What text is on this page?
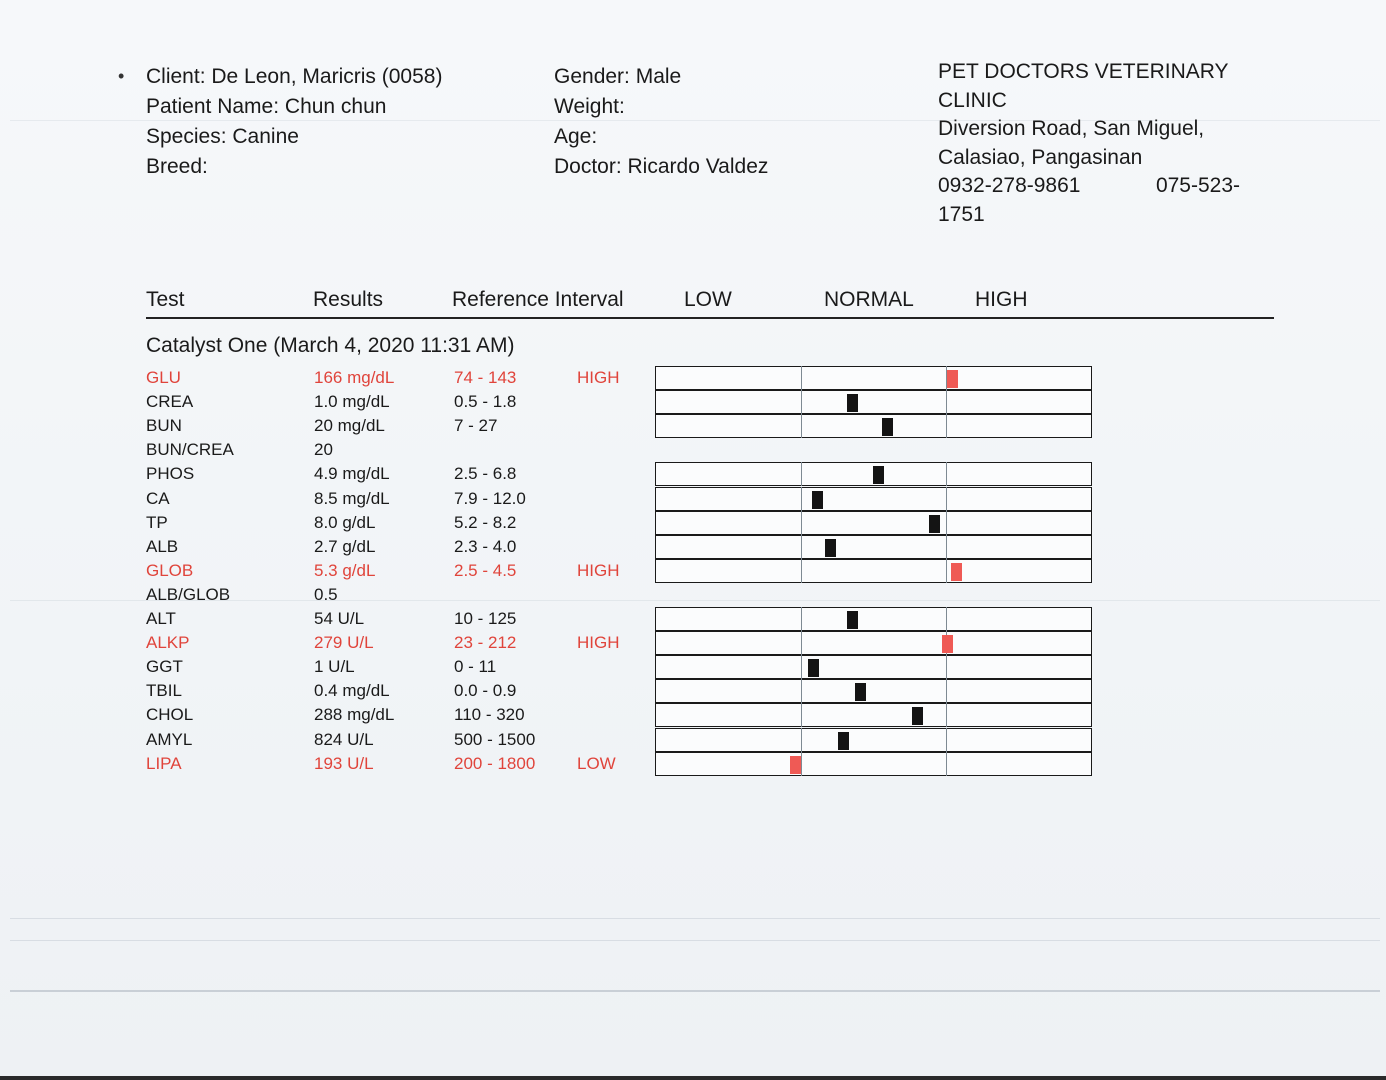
• Client: De Leon, Maricris (0058)
Patient Name: Chun chun
Species: Canine
Breed:
Gender: Male
Weight:
Age:
Doctor: Ricardo Valdez
PET DOCTORS VETERINARY
CLINIC
Diversion Road, San Miguel,
Calasiao, Pangasinan
0932-278-9861	075-523-
1751
Test	Results	Reference Interval	LOW	NORMAL	HIGH
Catalyst One (March 4, 2020 11:31 AM)
GLU	166 mg/dL	74 - 143	HIGH
CREA	1.0 mg/dL	0.5 - 1.8
BUN	20 mg/dL	7 - 27
BUN/CREA	20
PHOS	4.9 mg/dL	2.5 - 6.8
CA	8.5 mg/dL	7.9 - 12.0
TP	8.0 g/dL	5.2 - 8.2
ALB	2.7 g/dL	2.3 - 4.0
GLOB	5.3 g/dL	2.5 - 4.5	HIGH
ALB/GLOB	0.5
ALT	54 U/L	10 - 125
ALKP	279 U/L	23 - 212	HIGH
GGT	1 U/L	0 - 11
TBIL	0.4 mg/dL	0.0 - 0.9
CHOL	288 mg/dL	110 - 320
AMYL	824 U/L	500 - 1500
LIPA	193 U/L	200 - 1800 LOW
